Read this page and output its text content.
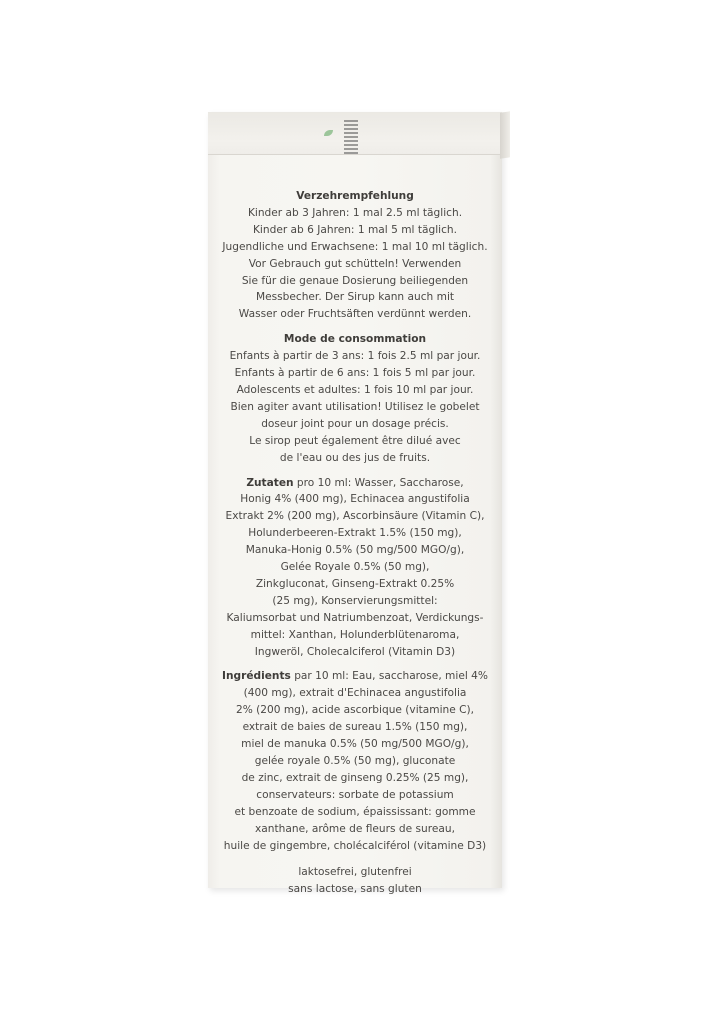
Verzehrempfehlung
Kinder ab 3 Jahren: 1 mal 2.5 ml täglich.
Kinder ab 6 Jahren: 1 mal 5 ml täglich.
Jugendliche und Erwachsene: 1 mal 10 ml täglich.
Vor Gebrauch gut schütteln! Verwenden
Sie für die genaue Dosierung beiliegenden
Messbecher. Der Sirup kann auch mit
Wasser oder Fruchtsäften verdünnt werden.
Mode de consommation
Enfants à partir de 3 ans: 1 fois 2.5 ml par jour.
Enfants à partir de 6 ans: 1 fois 5 ml par jour.
Adolescents et adultes: 1 fois 10 ml par jour.
Bien agiter avant utilisation! Utilisez le gobelet
doseur joint pour un dosage précis.
Le sirop peut également être dilué avec
de l'eau ou des jus de fruits.
Zutaten pro 10 ml: Wasser, Saccharose,
Honig 4% (400 mg), Echinacea angustifolia
Extrakt 2% (200 mg), Ascorbinsäure (Vitamin C),
Holunderbeeren-Extrakt 1.5% (150 mg),
Manuka-Honig 0.5% (50 mg/500 MGO/g),
Gelée Royale 0.5% (50 mg),
Zinkgluconat, Ginseng-Extrakt 0.25%
(25 mg), Konservierungsmittel:
Kaliumsorbat und Natriumbenzoat, Verdickungs-
mittel: Xanthan, Holunderblütenaroma,
Ingweröl, Cholecalciferol (Vitamin D3)
Ingrédients par 10 ml: Eau, saccharose, miel 4%
(400 mg), extrait d'Echinacea angustifolia
2% (200 mg), acide ascorbique (vitamine C),
extrait de baies de sureau 1.5% (150 mg),
miel de manuka 0.5% (50 mg/500 MGO/g),
gelée royale 0.5% (50 mg), gluconate
de zinc, extrait de ginseng 0.25% (25 mg),
conservateurs: sorbate de potassium
et benzoate de sodium, épaississant: gomme
xanthane, arôme de fleurs de sureau,
huile de gingembre, cholécalciférol (vitamine D3)
laktosefrei, glutenfrei
sans lactose, sans gluten
